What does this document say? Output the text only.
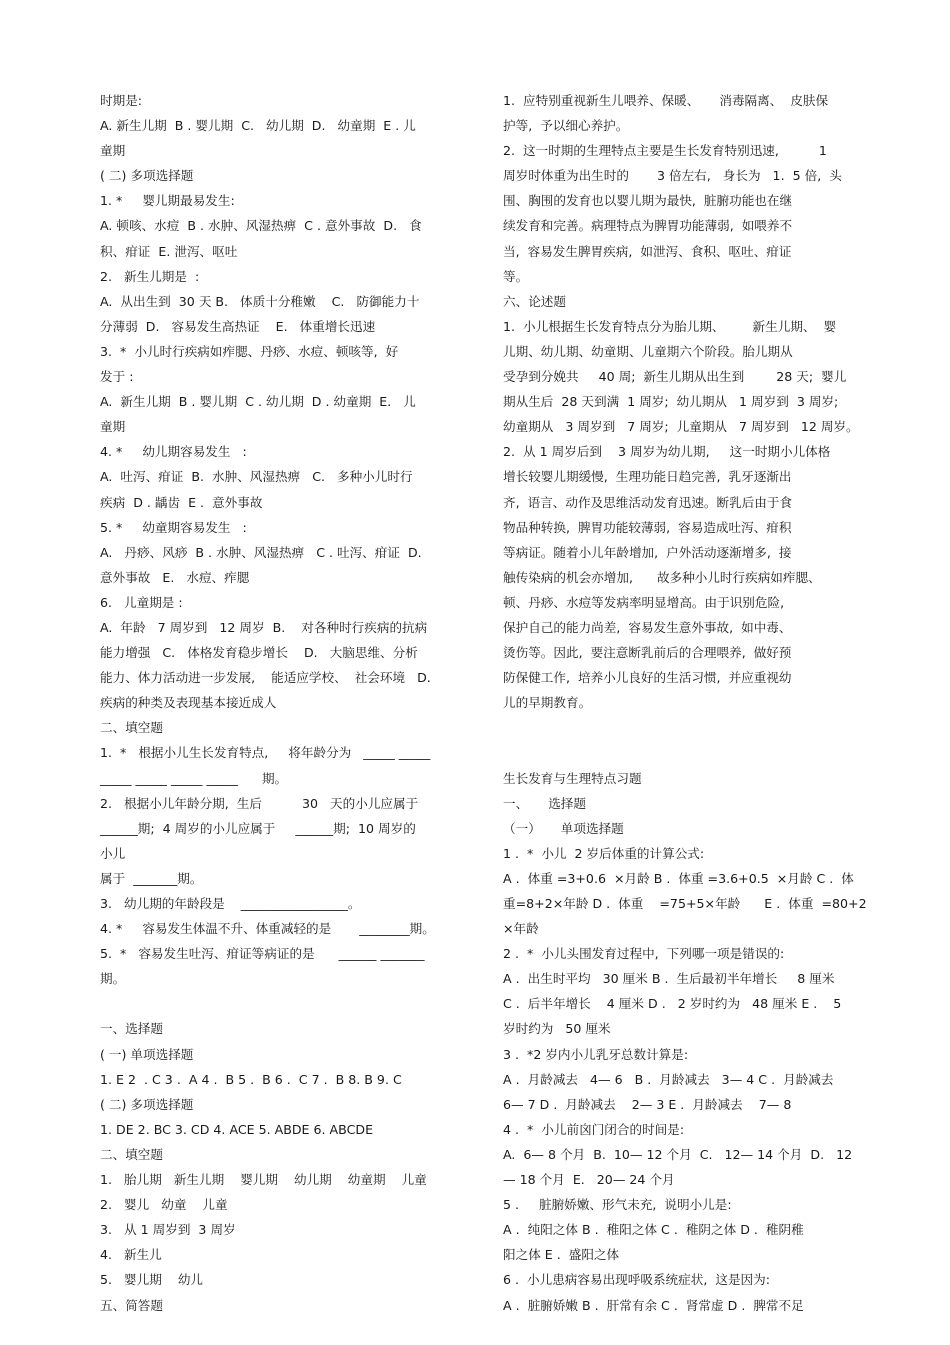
时期是:
A. 新生儿期  B . 婴儿期  C.   幼儿期  D.   幼童期  E . 儿
童期
( 二) 多项选择题
1. *     婴儿期最易发生:
A. 顿咳、水痘  B . 水肿、风湿热痹  C . 意外事故  D.   食
积、疳证  E. 泄泻、呕吐
2.   新生儿期是  :
A.  从出生到  30 天 B.   体质十分稚嫩    C.   防御能力十
分薄弱  D.   容易发生高热证    E.   体重增长迅速
3.  *  小儿时行疾病如痄腮、丹痧、水痘、顿咳等,  好
发于 :
A.  新生儿期  B . 婴儿期  C . 幼儿期  D . 幼童期  E.   儿
童期
4. *     幼儿期容易发生   :
A.  吐泻、疳证  B.  水肿、风湿热痹   C.   多种小儿时行
疾病  D . 龋齿  E .  意外事故
5. *     幼童期容易发生   :
A.   丹痧、风痧  B . 水肿、风湿热痹   C . 吐泻、疳证  D.
意外事故   E.   水痘、痄腮
6.   儿童期是 :
A.  年龄   7 周岁到   12 周岁  B.    对各种时行疾病的抗病
能力增强   C.   体格发育稳步增长    D.   大脑思维、分析
能力、体力活动进一步发展,    能适应学校、  社会环境   D.
疾病的种类及表现基本接近成人
二、填空题
1.  *   根据小儿生长发育特点,     将年龄分为   _____ _____
_____ _____ _____ _____      期。
2.   根据小儿年龄分期,  生后          30   天的小儿应属于
______期;  4 周岁的小儿应属于     ______期;  10 周岁的
小儿
属于  _______期。
3.   幼儿期的年龄段是    _________________。
4. *     容易发生体温不升、体重减轻的是       ________期。
5.  *   容易发生吐泻、疳证等病证的是      ______ _______
期。
一、选择题
( 一) 单项选择题
1. E 2  . C 3 .  A 4 .  B 5 .  B 6 .  C 7 .  B 8. B 9. C
( 二) 多项选择题
1. DE 2. BC 3. CD 4. ACE 5. ABDE 6. ABCDE
二、填空题
1.   胎儿期   新生儿期    婴儿期    幼儿期    幼童期    儿童
2.   婴儿   幼童    儿童
3.   从 1 周岁到  3 周岁
4.   新生儿
5.   婴儿期    幼儿
五、简答题
1.  应特别重视新生儿喂养、保暖、     消毒隔离、  皮肤保
护等,  予以细心养护。
2.  这一时期的生理特点主要是生长发育特别迅速,          1
周岁时体重为出生时的       3 倍左右,   身长为   1.  5 倍,  头
围、胸围的发育也以婴儿期为最快,  脏腑功能也在继
续发育和完善。病理特点为脾胃功能薄弱,  如喂养不
当,  容易发生脾胃疾病,  如泄泻、食积、呕吐、疳证
等。
六、论述题
1.  小儿根据生长发育特点分为胎儿期、       新生儿期、  婴
儿期、幼儿期、幼童期、儿童期六个阶段。胎儿期从
受孕到分娩共     40 周;  新生儿期从出生到        28 天;  婴儿
期从生后  28 天到满  1 周岁;  幼儿期从   1 周岁到  3 周岁;
幼童期从   3 周岁到   7 周岁;  儿童期从   7 周岁到   12 周岁。
2.  从 1 周岁后到    3 周岁为幼儿期,     这一时期小儿体格
增长较婴儿期缓慢,  生理功能日趋完善,  乳牙逐渐出
齐,  语言、动作及思维活动发育迅速。断乳后由于食
物品种转换,  脾胃功能较薄弱,  容易造成吐泻、疳积
等病证。随着小儿年龄增加,  户外活动逐渐增多,  接
触传染病的机会亦增加,      故多种小儿时行疾病如痄腮、
顿、丹痧、水痘等发病率明显增高。由于识别危险,
保护自己的能力尚差,  容易发生意外事故,  如中毒、
烫伤等。因此,  要注意断乳前后的合理喂养,  做好预
防保健工作,  培养小儿良好的生活习惯,  并应重视幼
儿的早期教育。
生长发育与生理特点习题
一、     选择题
（一）     单项选择题
1 .  *  小儿  2 岁后体重的计算公式:
A .  体重 =3+0.6  ×月龄 B .  体重 =3.6+0.5  ×月龄 C .  体
重=8+2×年龄 D .  体重    =75+5×年龄      E .  体重  =80+2
×年龄
2 .  *  小儿头围发育过程中,  下列哪一项是错误的:
A .  出生时平均   30 厘米 B .  生后最初半年增长     8 厘米
C .  后半年增长    4 厘米 D .   2 岁时约为   48 厘米 E .    5
岁时约为   50 厘米
3 .  *2 岁内小儿乳牙总数计算是:
A .  月龄减去   4— 6   B .  月龄减去   3— 4 C .  月龄减去
6— 7 D .  月龄减去    2— 3 E .  月龄减去    7— 8
4 .  *  小儿前囟门闭合的时间是:
A.  6— 8 个月  B.  10— 12 个月  C.   12— 14 个月  D.   12
— 18 个月  E.   20— 24 个月
5 .     脏腑娇嫩、形气未充,  说明小儿是:
A .  纯阳之体 B .  稚阳之体 C .  稚阴之体 D .  稚阴稚
阳之体 E .  盛阳之体
6 .  小儿患病容易出现呼吸系统症状,  这是因为:
A .  脏腑娇嫩 B .  肝常有余 C .  肾常虚 D .  脾常不足
